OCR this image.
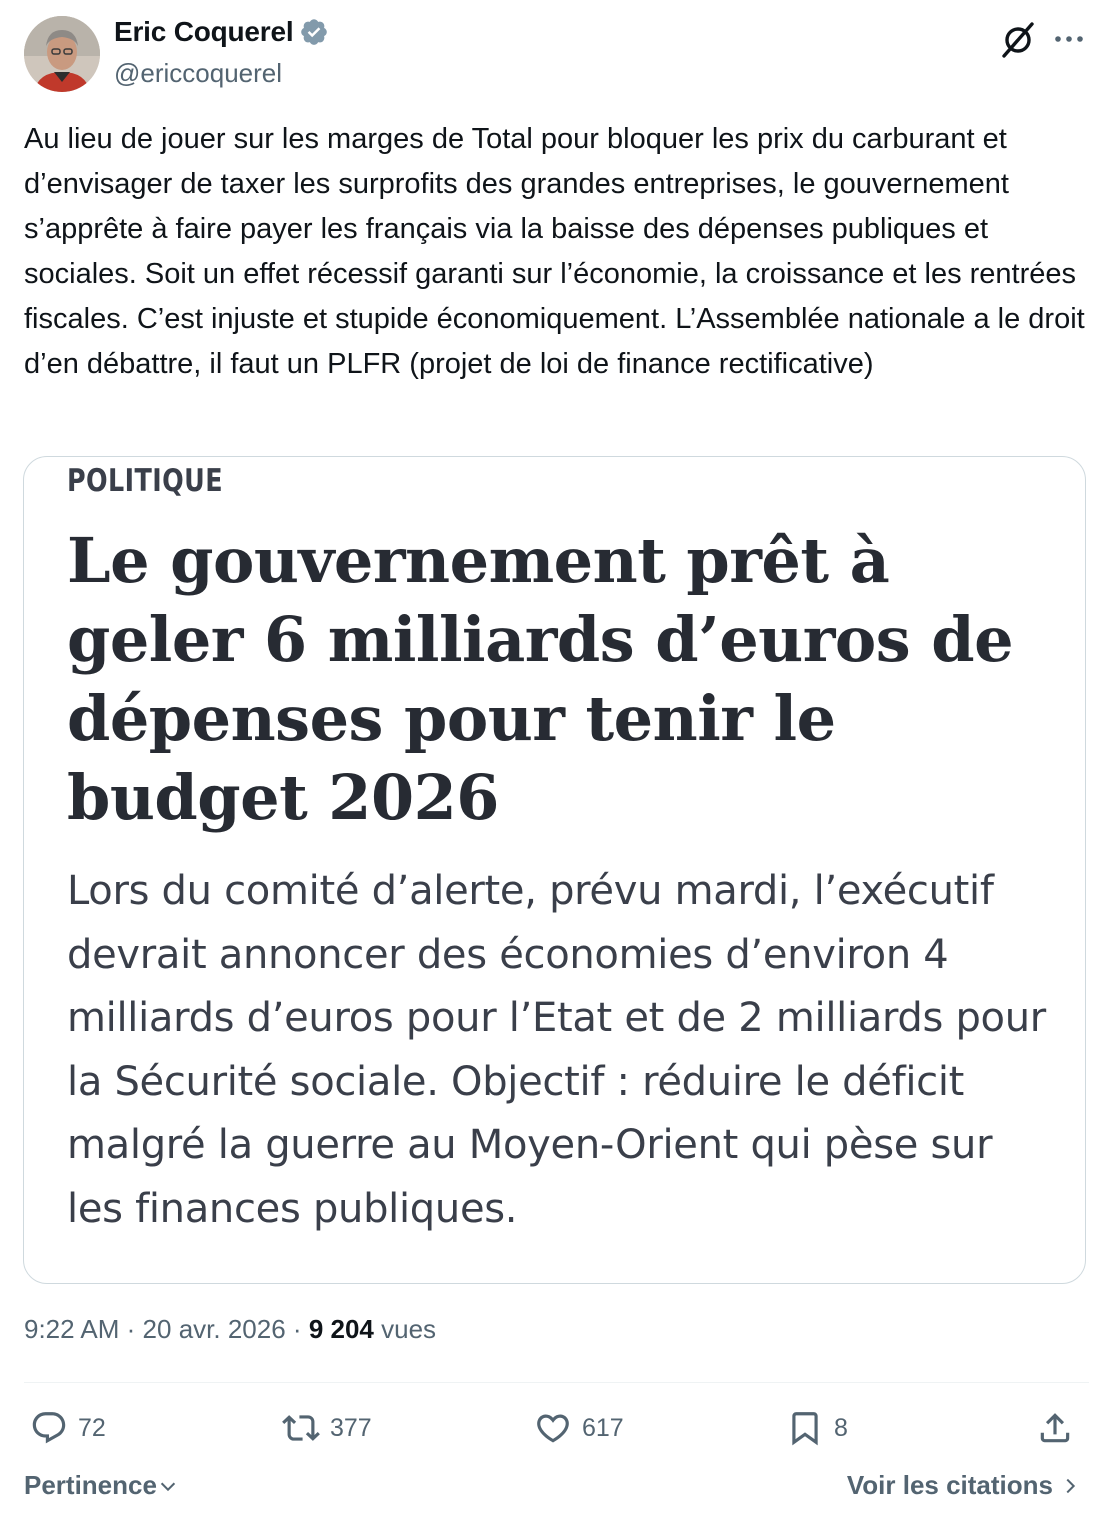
Eric Coquerel
@ericcoquerel

Au lieu de jouer sur les marges de Total pour bloquer les prix du carburant et d’envisager de taxer les surprofits des grandes entreprises, le gouvernement s’apprête à faire payer les français via la baisse des dépenses publiques et sociales. Soit un effet récessif garanti sur l’économie, la croissance et les rentrées fiscales. C’est injuste et stupide économiquement. L’Assemblée nationale a le droit d’en débattre, il faut un PLFR (projet de loi de finance rectificative)

POLITIQUE
Le gouvernement prêt à geler 6 milliards d’euros de dépenses pour tenir le budget 2026

Lors du comité d’alerte, prévu mardi, l’exécutif devrait annoncer des économies d’environ 4 milliards d’euros pour l’Etat et de 2 milliards pour la Sécurité sociale. Objectif : réduire le déficit malgré la guerre au Moyen-Orient qui pèse sur les finances publiques.

9:22 AM · 20 avr. 2026 · 9 204 vues
72	377	617	8
Pertinence	Voir les citations
